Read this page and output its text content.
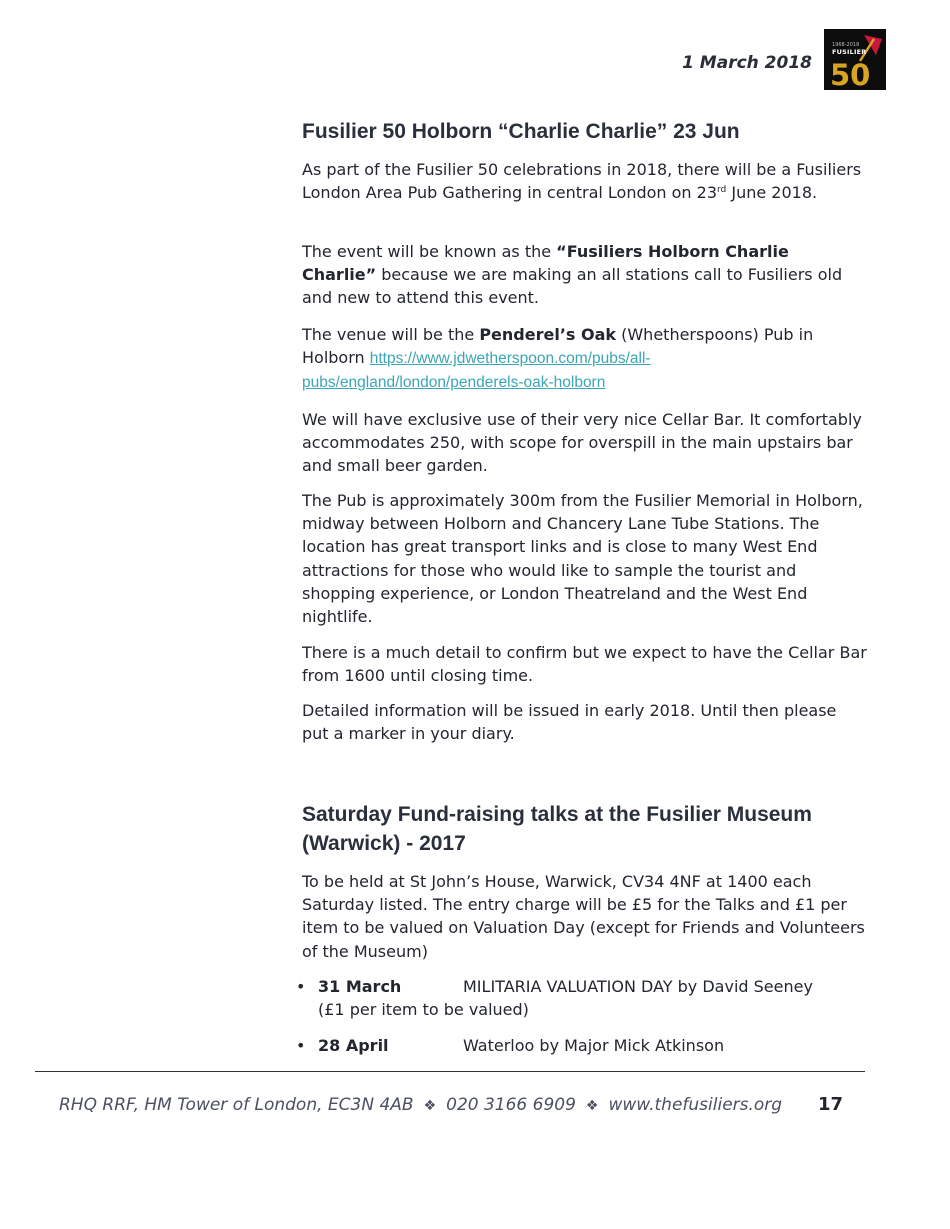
1 March 2018 50
1968-2018
FUSILIER
Fusilier 50 Holborn “Charlie Charlie” 23 Jun

As part of the Fusilier 50 celebrations in 2018, there will be a Fusiliers London Area Pub Gathering in central London on 23rd June 2018.

The event will be known as the “Fusiliers Holborn Charlie Charlie” because we are making an all stations call to Fusiliers old and new to attend this event.

The venue will be the Penderel’s Oak (Whetherspoons) Pub in Holborn https://www.jdwetherspoon.com/pubs/all-pubs/england/london/penderels-oak-holborn

We will have exclusive use of their very nice Cellar Bar. It comfortably accommodates 250, with scope for overspill in the main upstairs bar and small beer garden.

The Pub is approximately 300m from the Fusilier Memorial in Holborn, midway between Holborn and Chancery Lane Tube Stations. The location has great transport links and is close to many West End attractions for those who would like to sample the tourist and shopping experience, or London Theatreland and the West End nightlife.

There is a much detail to confirm but we expect to have the Cellar Bar from 1600 until closing time.

Detailed information will be issued in early 2018. Until then please put a marker in your diary.

Saturday Fund-raising talks at the Fusilier Museum (Warwick) - 2017

To be held at St John’s House, Warwick, CV34 4NF at 1400 each Saturday listed. The entry charge will be £5 for the Talks and £1 per item to be valued on Valuation Day (except for Friends and Volunteers of the Museum)

• 31 March	MILITARIA VALUATION DAY by David Seeney
(£1 per item to be valued)
• 28 April	Waterloo by Major Mick Atkinson
RHQ RRF, HM Tower of London, EC3N 4AB ❖ 020 3166 6909 ❖ www.thefusiliers.org 17
